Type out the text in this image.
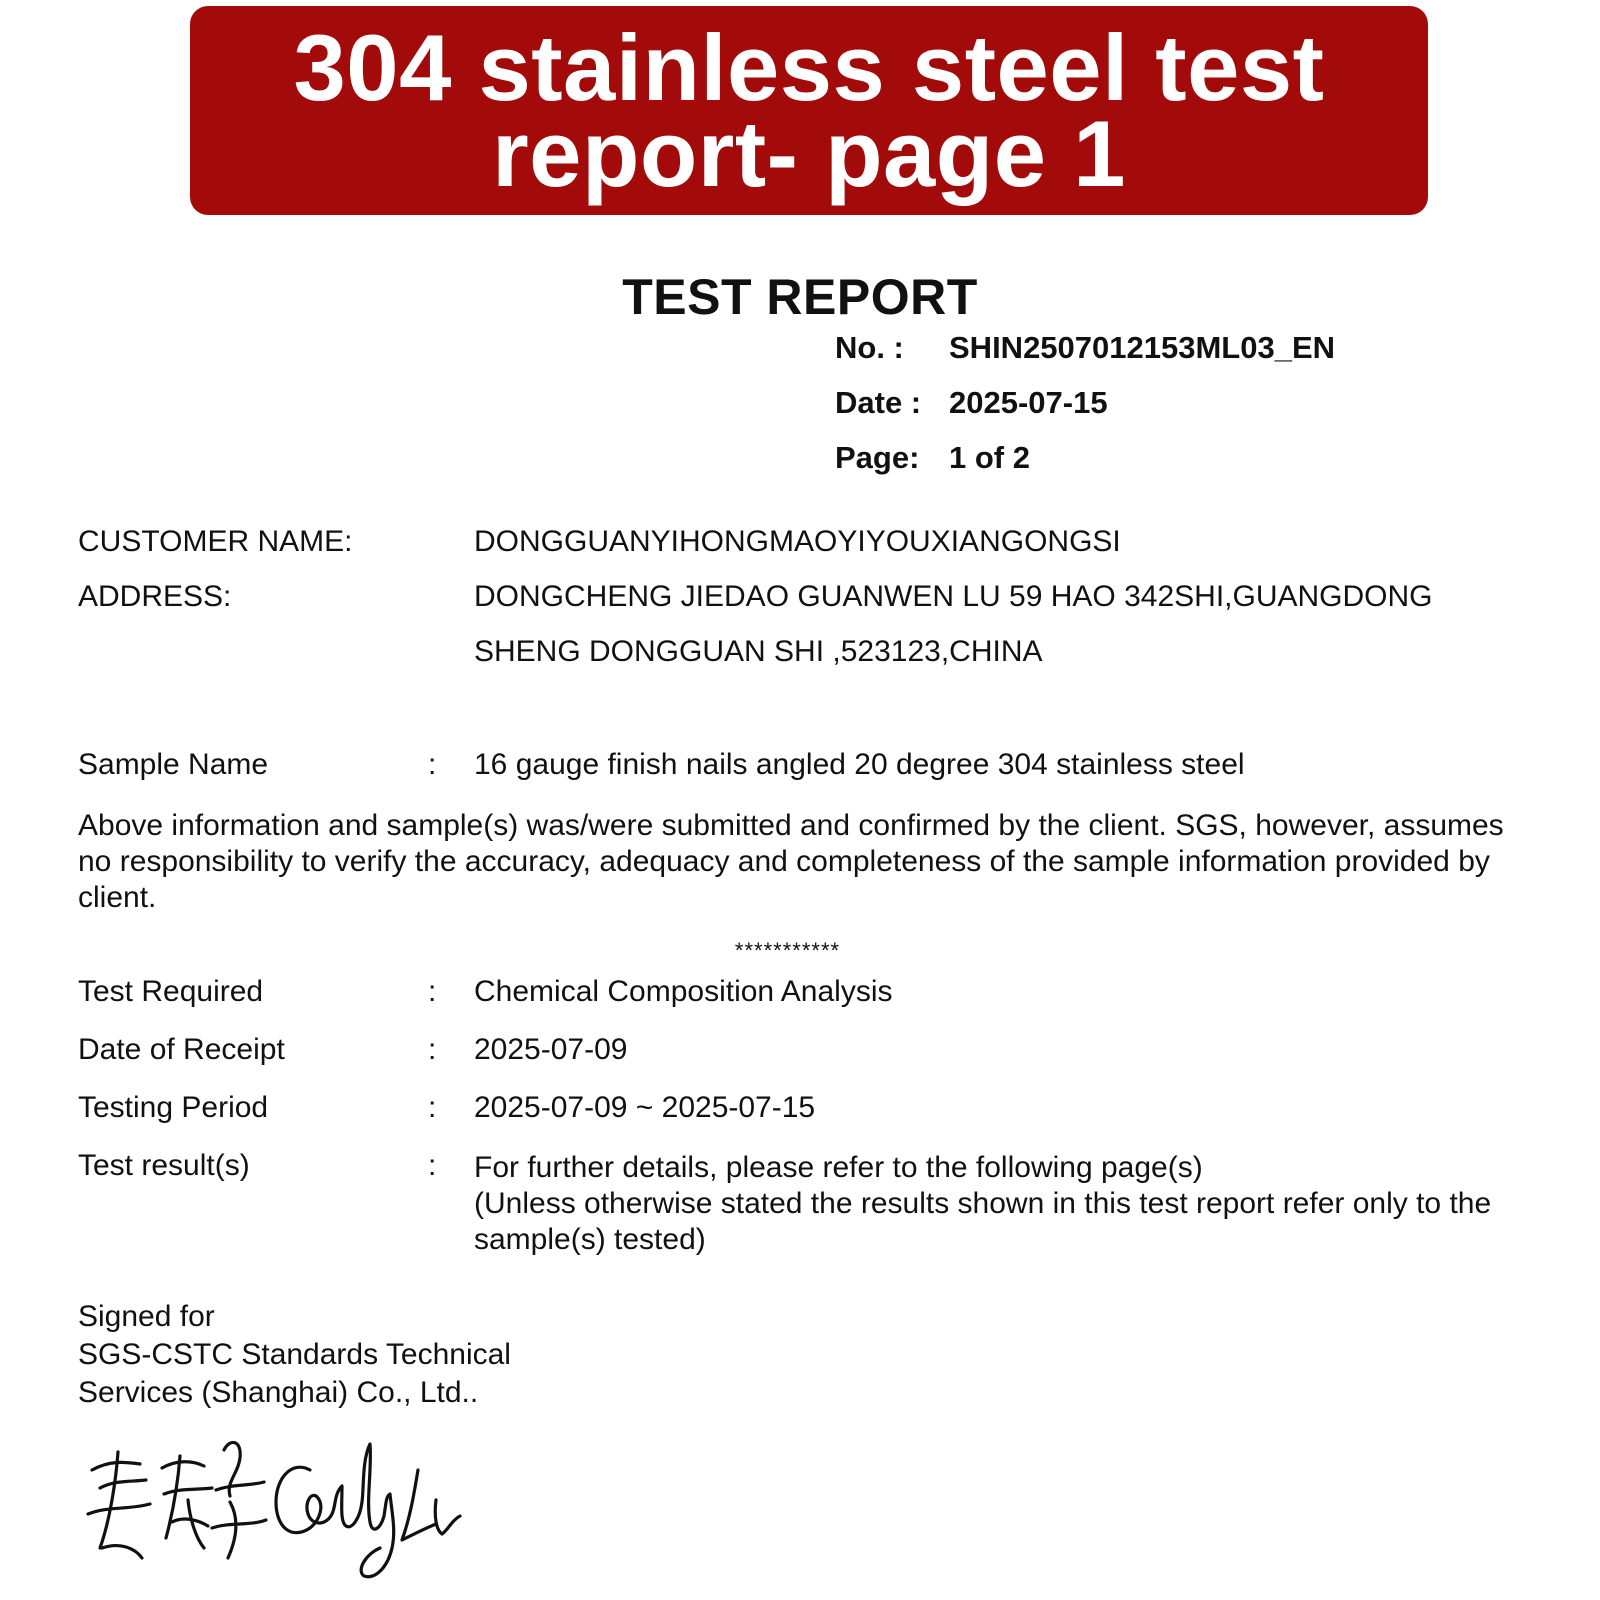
304 stainless steel test
report- page 1
TEST REPORT
No. : SHIN2507012153ML03_EN
Date : 2025-07-15
Page: 1 of 2
CUSTOMER NAME:	DONGGUANYIHONGMAOYIYOUXIANGONGSI
ADDRESS:	DONGCHENG JIEDAO GUANWEN LU 59 HAO 342SHI,GUANGDONG
SHENG DONGGUAN SHI ,523123,CHINA
Sample Name	: 16 gauge finish nails angled 20 degree 304 stainless steel
Above information and sample(s) was/were submitted and confirmed by the client. SGS, however, assumes no responsibility to verify the accuracy, adequacy and completeness of the sample information provided by client.
***********
Test Required	: Chemical Composition Analysis
Date of Receipt	: 2025-07-09
Testing Period	: 2025-07-09 ~ 2025-07-15
Test result(s)	: For further details, please refer to the following page(s)
(Unless otherwise stated the results shown in this test report refer only to the sample(s) tested)
Signed for
SGS-CSTC Standards Technical
Services (Shanghai) Co., Ltd..
